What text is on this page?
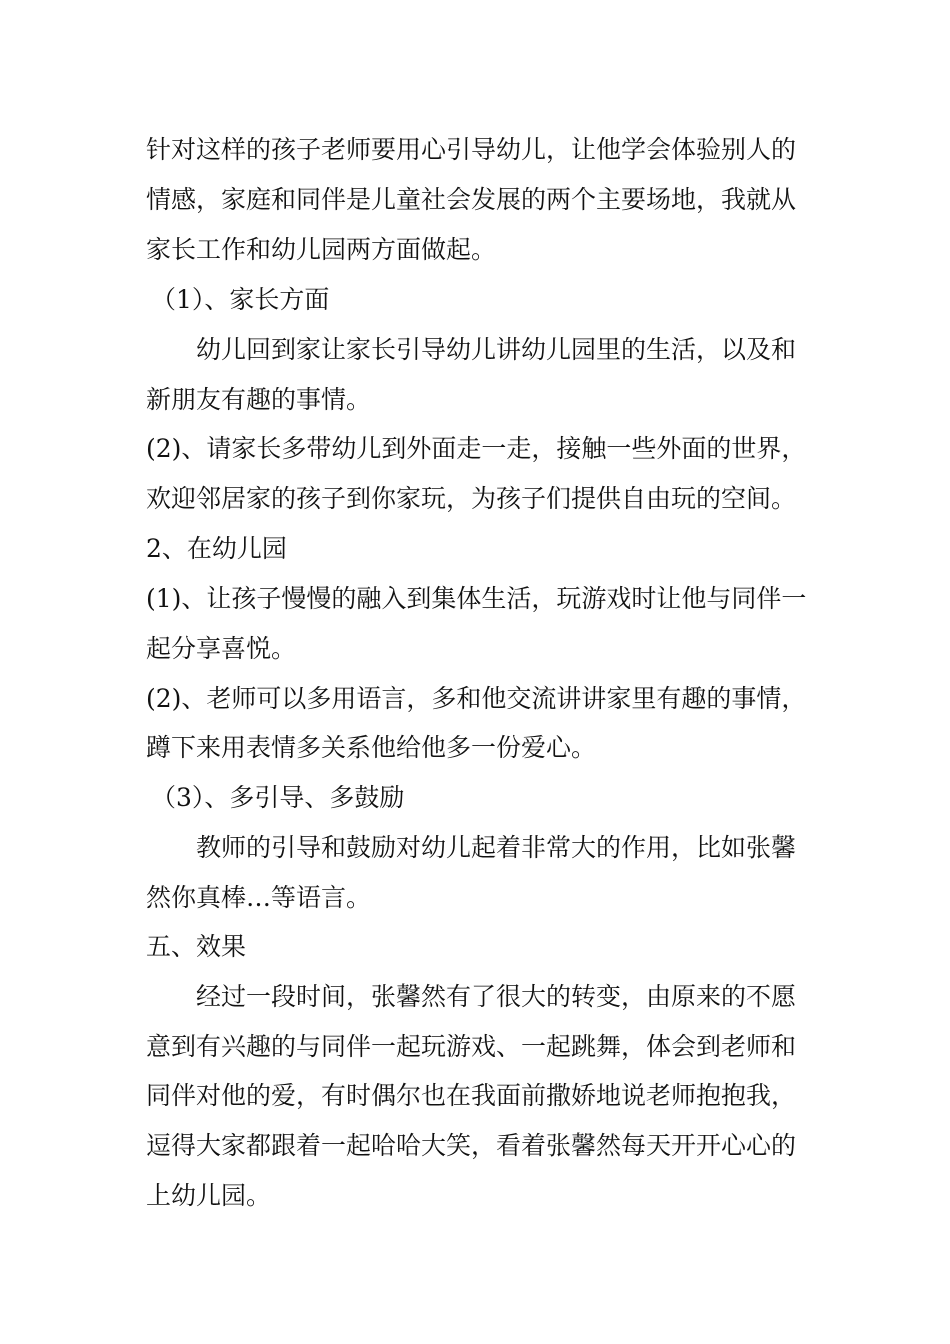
针对这样的孩子老师要用心引导幼儿，让他学会体验别人的

情感，家庭和同伴是儿童社会发展的两个主要场地，我就从

家长工作和幼儿园两方面做起。

（1）、家长方面

幼儿回到家让家长引导幼儿讲幼儿园里的生活，以及和

新朋友有趣的事情。

(2)、请家长多带幼儿到外面走一走，接触一些外面的世界，

欢迎邻居家的孩子到你家玩，为孩子们提供自由玩的空间。

2、在幼儿园

(1)、让孩子慢慢的融入到集体生活，玩游戏时让他与同伴一

起分享喜悦。

(2)、老师可以多用语言，多和他交流讲讲家里有趣的事情，

蹲下来用表情多关系他给他多一份爱心。

（3）、多引导、多鼓励

教师的引导和鼓励对幼儿起着非常大的作用，比如张馨

然你真棒…等语言。

五、效果

经过一段时间，张馨然有了很大的转变，由原来的不愿

意到有兴趣的与同伴一起玩游戏、一起跳舞，体会到老师和

同伴对他的爱，有时偶尔也在我面前撒娇地说老师抱抱我，

逗得大家都跟着一起哈哈大笑，看着张馨然每天开开心心的

上幼儿园。
